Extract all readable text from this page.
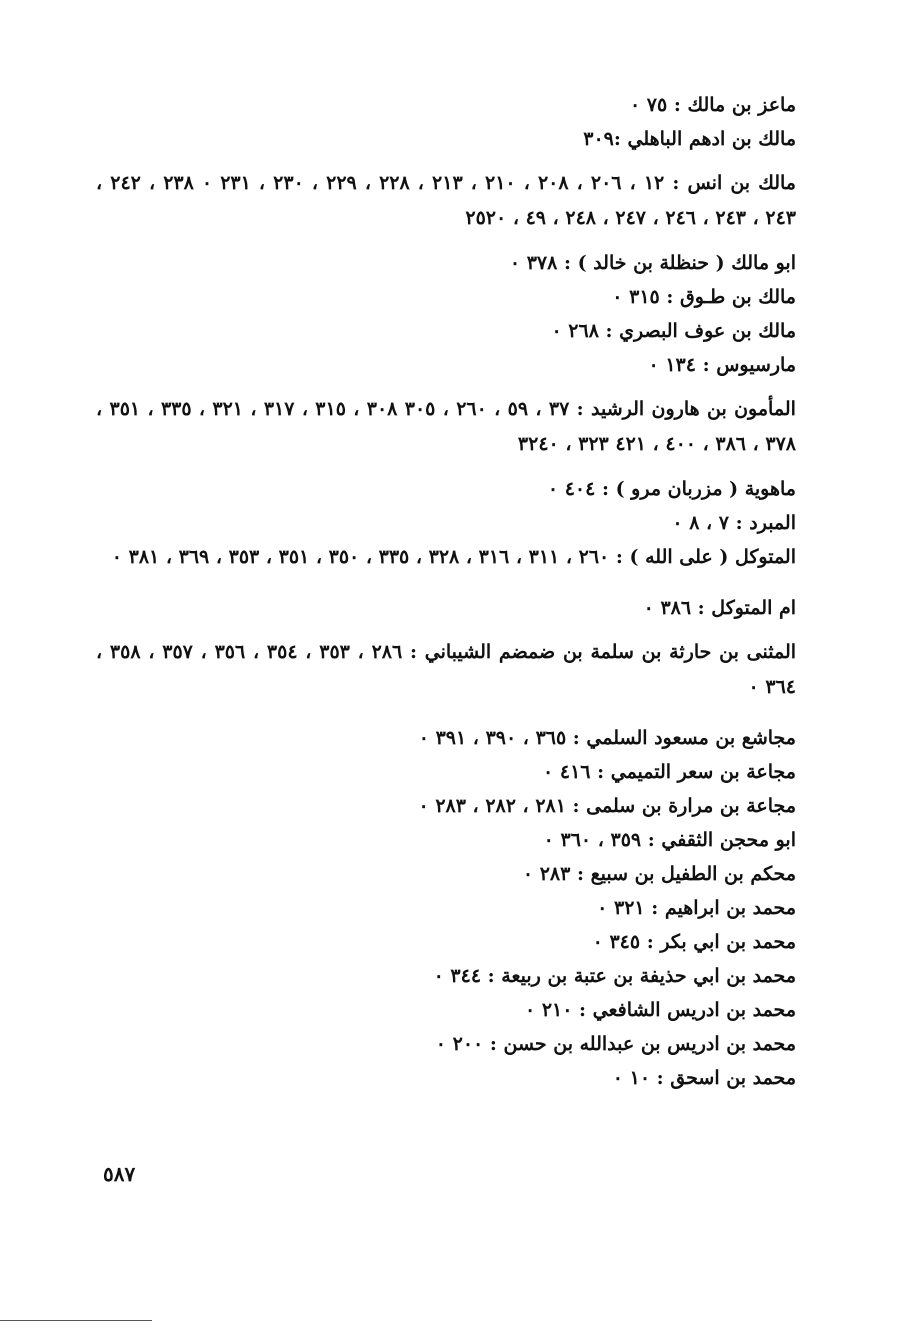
ماعز بن مالك : ٧٥ ٠

مالك بن ادهم الباهلي :٣٠٩

مالك بن انس : ١٢ ، ٢٠٦ ، ٢٠٨ ، ٢١٠ ، ٢١٣ ، ٢٢٨ ، ٢٢٩ ، ٢٣٠ ، ٢٣١ ٠ ٢٣٨ ، ٢٤٢ ، ٢٤٣ ، ٢٤٣ ، ٢٤٦ ، ٢٤٧ ، ٢٤٨ ، ٤٩ ، ٢٥٢٠

ابو مالك ( حنظلة بن خالد ) : ٣٧٨ ٠

مالك بن طـوق : ٣١٥ ٠

مالك بن عوف البصري : ٢٦٨ ٠

مارسيوس : ١٣٤ ٠

المأمون بن هارون الرشيد : ٣٧ ، ٥٩ ، ٢٦٠ ، ٣٠٥ ٣٠٨ ، ٣١٥ ، ٣١٧ ، ٣٢١ ، ٣٣٥ ، ٣٥١ ، ٣٧٨ ، ٣٨٦ ، ٤٠٠ ، ٤٢١ ٣٢٣ ، ٣٢٤٠

ماهوية ( مزربان مرو ) : ٤٠٤ ٠

المبرد : ٧ ، ٨ ٠

المتوكل ( على الله ) : ٢٦٠ ، ٣١١ ، ٣١٦ ، ٣٢٨ ، ٣٣٥ ، ٣٥٠ ، ٣٥١ ، ٣٥٣ ، ٣٦٩ ، ٣٨١ ٠

ام المتوكل : ٣٨٦ ٠

المثنى بن حارثة بن سلمة بن ضمضم الشيباني : ٢٨٦ ، ٣٥٣ ، ٣٥٤ ، ٣٥٦ ، ٣٥٧ ، ٣٥٨ ، ٣٦٤ ٠

مجاشع بن مسعود السلمي : ٣٦٥ ، ٣٩٠ ، ٣٩١ ٠

مجاعة بن سعر التميمي : ٤١٦ ٠

مجاعة بن مرارة بن سلمى : ٢٨١ ، ٢٨٢ ، ٢٨٣ ٠

ابو محجن الثقفي : ٣٥٩ ، ٣٦٠ ٠

محكم بن الطفيل بن سبيع : ٢٨٣ ٠

محمد بن ابراهيم : ٣٢١ ٠

محمد بن ابي بكر : ٣٤٥ ٠

محمد بن ابي حذيفة بن عتبة بن ربيعة : ٣٤٤ ٠

محمد بن ادريس الشافعي : ٢١٠ ٠

محمد بن ادريس بن عبدالله بن حسن : ٢٠٠ ٠

محمد بن اسحق : ١٠ ٠

٥٨٧
